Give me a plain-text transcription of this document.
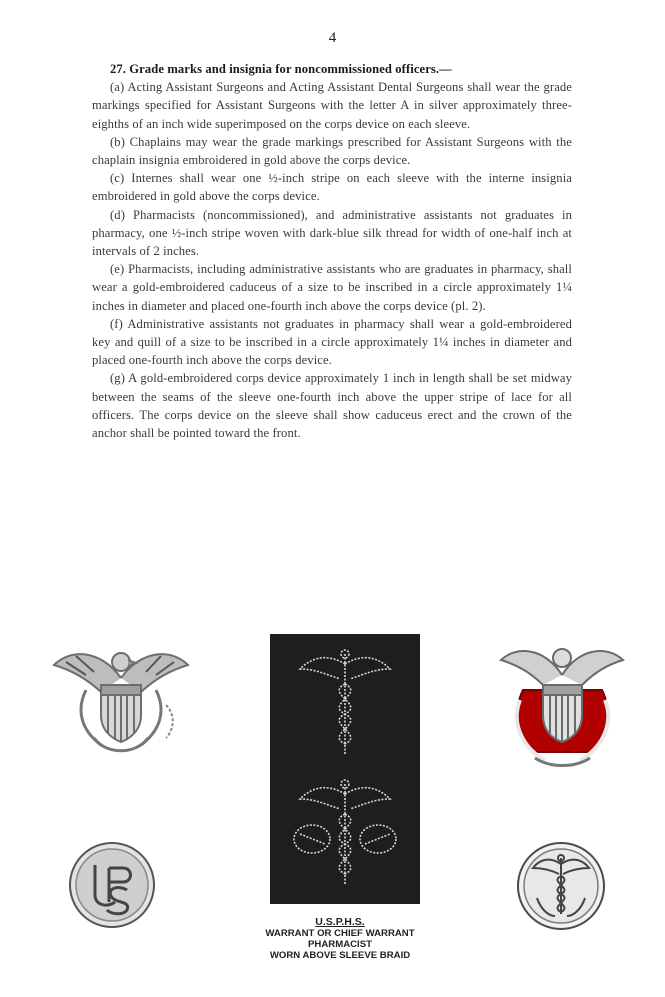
4

27. Grade marks and insignia for noncommissioned officers.—

(a) Acting Assistant Surgeons and Acting Assistant Dental Surgeons shall wear the grade markings specified for Assistant Surgeons with the letter A in silver approximately three-eighths of an inch wide superimposed on the corps device on each sleeve.

(b) Chaplains may wear the grade markings prescribed for Assistant Surgeons with the chaplain insignia embroidered in gold above the corps device.

(c) Internes shall wear one ½-inch stripe on each sleeve with the interne insignia embroidered in gold above the corps device.

(d) Pharmacists (noncommissioned), and administrative assistants not graduates in pharmacy, one ½-inch stripe woven with dark-blue silk thread for width of one-half inch at intervals of 2 inches.

(e) Pharmacists, including administrative assistants who are graduates in pharmacy, shall wear a gold-embroidered caduceus of a size to be inscribed in a circle approximately 1¼ inches in diameter and placed one-fourth inch above the corps device (pl. 2).

(f) Administrative assistants not graduates in pharmacy shall wear a gold-embroidered key and quill of a size to be inscribed in a circle approximately 1¼ inches in diameter and placed one-fourth inch above the corps device.

(g) A gold-embroidered corps device approximately 1 inch in length shall be set midway between the seams of the sleeve one-fourth inch above the upper stripe of lace for all officers. The corps device on the sleeve shall show caduceus erect and the crown of the anchor shall be pointed toward the front.

U.S.P.H.S.
WARRANT OR CHIEF WARRANT
PHARMACIST
WORN ABOVE SLEEVE BRAID
